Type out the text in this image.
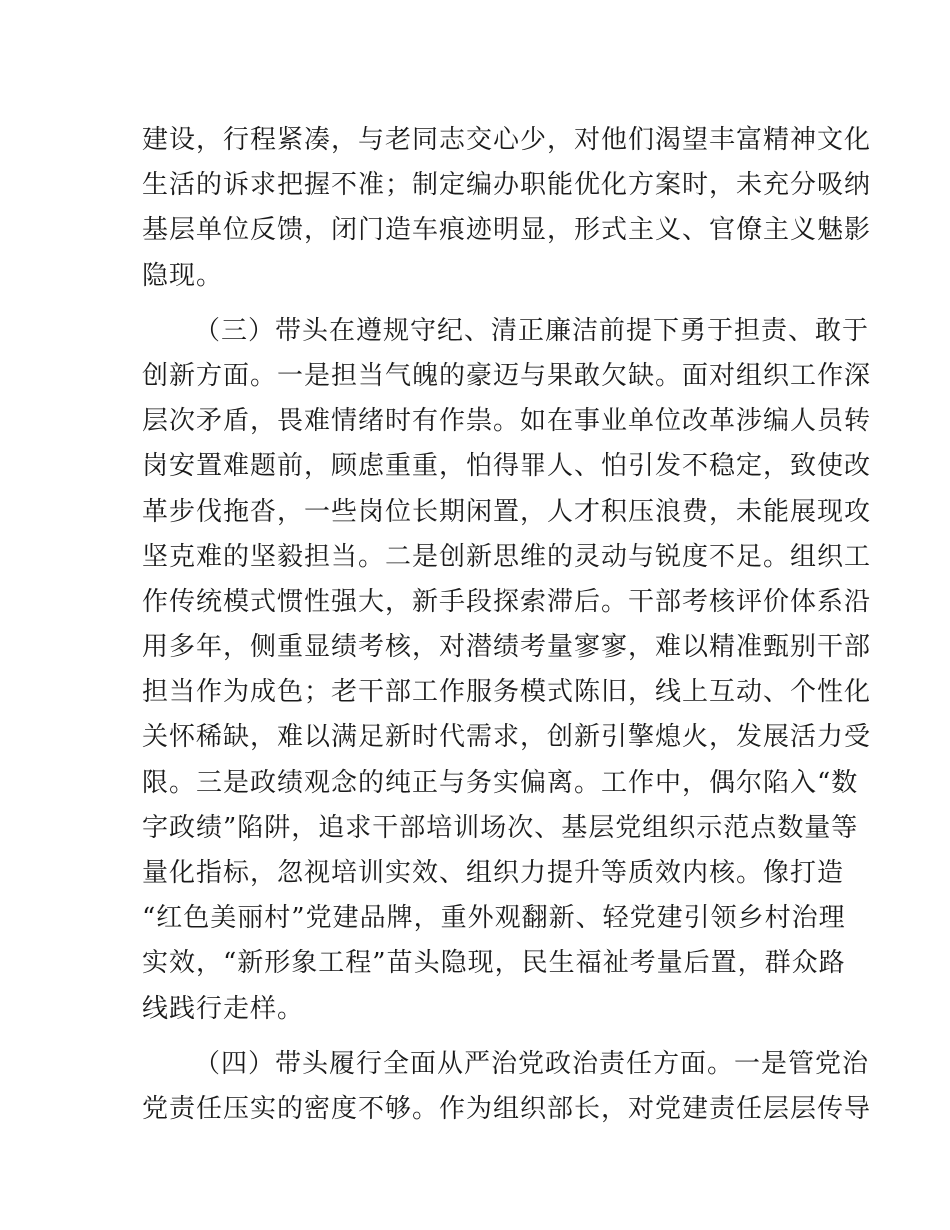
建设，行程紧凑，与老同志交心少，对他们渴望丰富精神文化
生活的诉求把握不准；制定编办职能优化方案时，未充分吸纳
基层单位反馈，闭门造车痕迹明显，形式主义、官僚主义魅影
隐现。
（三）带头在遵规守纪、清正廉洁前提下勇于担责、敢于
创新方面。一是担当气魄的豪迈与果敢欠缺。面对组织工作深
层次矛盾，畏难情绪时有作祟。如在事业单位改革涉编人员转
岗安置难题前，顾虑重重，怕得罪人、怕引发不稳定，致使改
革步伐拖沓，一些岗位长期闲置，人才积压浪费，未能展现攻
坚克难的坚毅担当。二是创新思维的灵动与锐度不足。组织工
作传统模式惯性强大，新手段探索滞后。干部考核评价体系沿
用多年，侧重显绩考核，对潜绩考量寥寥，难以精准甄别干部
担当作为成色；老干部工作服务模式陈旧，线上互动、个性化
关怀稀缺，难以满足新时代需求，创新引擎熄火，发展活力受
限。三是政绩观念的纯正与务实偏离。工作中，偶尔陷入“数
字政绩”陷阱，追求干部培训场次、基层党组织示范点数量等
量化指标，忽视培训实效、组织力提升等质效内核。像打造
“红色美丽村”党建品牌，重外观翻新、轻党建引领乡村治理
实效，“新形象工程”苗头隐现，民生福祉考量后置，群众路
线践行走样。
（四）带头履行全面从严治党政治责任方面。一是管党治
党责任压实的密度不够。作为组织部长，对党建责任层层传导
